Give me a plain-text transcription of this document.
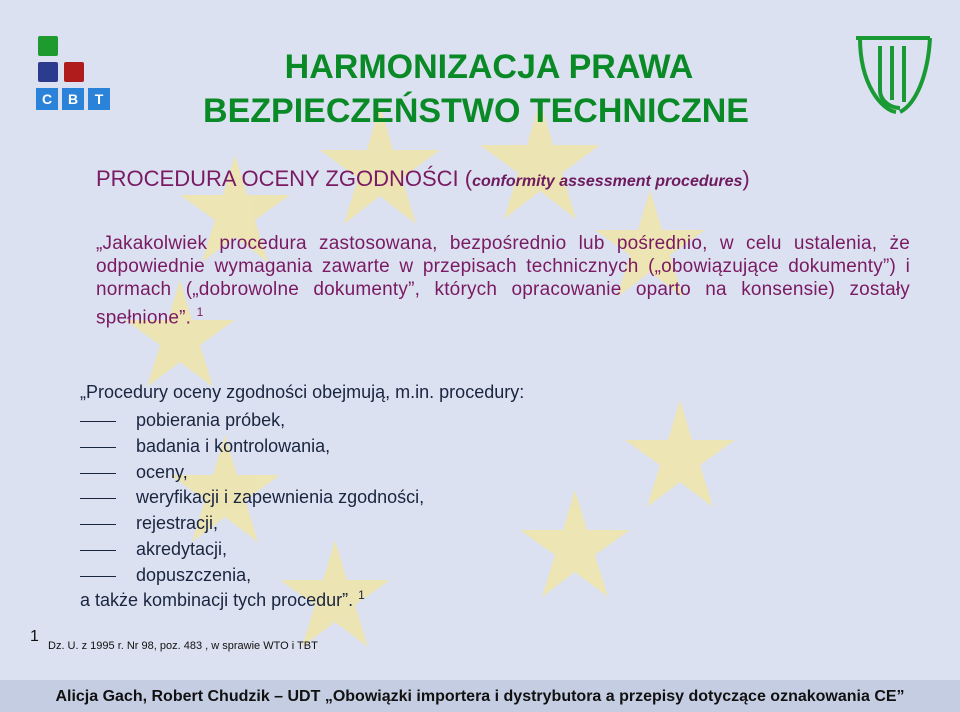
C	B	T
HARMONIZACJA PRAWA
BEZPIECZEŃSTWO TECHNICZNE
PROCEDURA OCENY ZGODNOŚCI (conformity assessment procedures)
„Jakakolwiek procedura zastosowana, bezpośrednio lub pośrednio, w celu ustalenia, że odpowiednie wymagania zawarte w przepisach technicznych („obowiązujące dokumenty”) i normach („dobrowolne dokumenty”, których opracowanie oparto na konsensie) zostały spełnione”. $^1$
„Procedury oceny zgodności obejmują, m.in. procedury:
pobierania próbek,
badania i kontrolowania,
oceny,
weryfikacji i zapewnienia zgodności,
rejestracji,
akredytacji,
dopuszczenia,
a także kombinacji tych procedur”. $^1$
1
Dz. U. z 1995 r. Nr 98, poz. 483 , w sprawie WTO i TBT
Alicja Gach, Robert Chudzik – UDT „Obowiązki importera i dystrybutora a przepisy dotyczące oznakowania CE”
